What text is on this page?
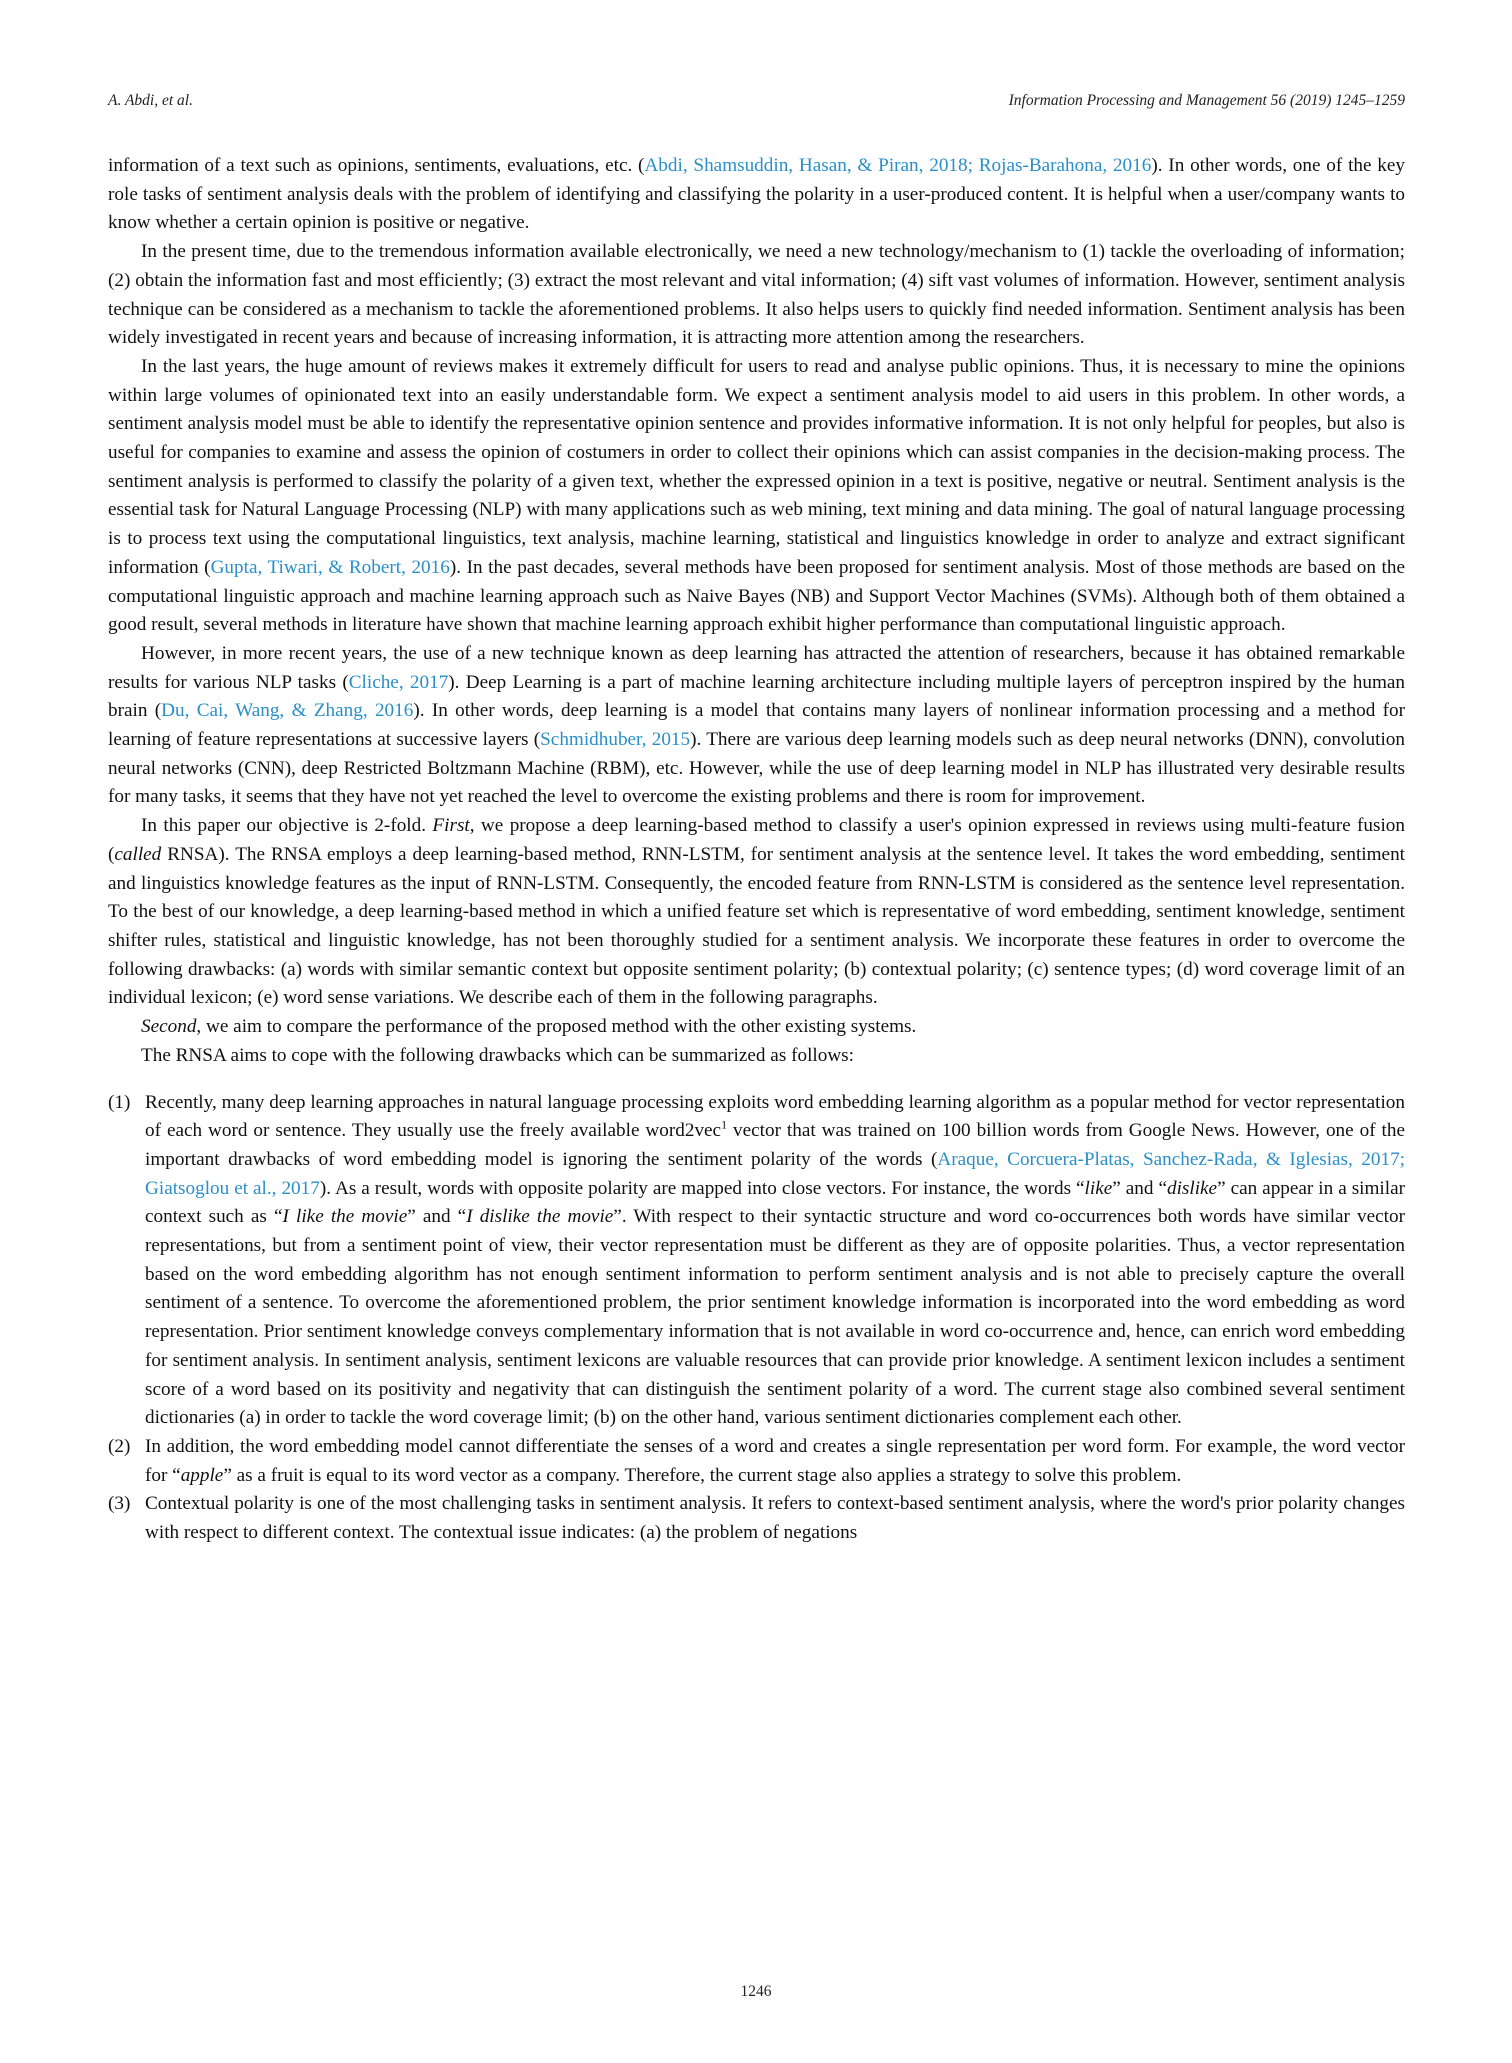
A. Abdi, et al.	Information Processing and Management 56 (2019) 1245–1259

information of a text such as opinions, sentiments, evaluations, etc. (Abdi, Shamsuddin, Hasan, & Piran, 2018; Rojas-Barahona, 2016). In other words, one of the key role tasks of sentiment analysis deals with the problem of identifying and classifying the polarity in a user-produced content. It is helpful when a user/company wants to know whether a certain opinion is positive or negative.

In the present time, due to the tremendous information available electronically, we need a new technology/mechanism to (1) tackle the overloading of information; (2) obtain the information fast and most efficiently; (3) extract the most relevant and vital information; (4) sift vast volumes of information. However, sentiment analysis technique can be considered as a mechanism to tackle the aforementioned problems. It also helps users to quickly find needed information. Sentiment analysis has been widely investigated in recent years and because of increasing information, it is attracting more attention among the researchers.

In the last years, the huge amount of reviews makes it extremely difficult for users to read and analyse public opinions. Thus, it is necessary to mine the opinions within large volumes of opinionated text into an easily understandable form. We expect a sentiment analysis model to aid users in this problem. In other words, a sentiment analysis model must be able to identify the representative opinion sentence and provides informative information. It is not only helpful for peoples, but also is useful for companies to examine and assess the opinion of costumers in order to collect their opinions which can assist companies in the decision-making process. The sentiment analysis is performed to classify the polarity of a given text, whether the expressed opinion in a text is positive, negative or neutral. Sentiment analysis is the essential task for Natural Language Processing (NLP) with many applications such as web mining, text mining and data mining. The goal of natural language processing is to process text using the computational linguistics, text analysis, machine learning, statistical and linguistics knowledge in order to analyze and extract significant information (Gupta, Tiwari, & Robert, 2016). In the past decades, several methods have been proposed for sentiment analysis. Most of those methods are based on the computational linguistic approach and machine learning approach such as Naive Bayes (NB) and Support Vector Machines (SVMs). Although both of them obtained a good result, several methods in literature have shown that machine learning approach exhibit higher performance than computational linguistic approach.

However, in more recent years, the use of a new technique known as deep learning has attracted the attention of researchers, because it has obtained remarkable results for various NLP tasks (Cliche, 2017). Deep Learning is a part of machine learning architecture including multiple layers of perceptron inspired by the human brain (Du, Cai, Wang, & Zhang, 2016). In other words, deep learning is a model that contains many layers of nonlinear information processing and a method for learning of feature representations at successive layers (Schmidhuber, 2015). There are various deep learning models such as deep neural networks (DNN), convolution neural networks (CNN), deep Restricted Boltzmann Machine (RBM), etc. However, while the use of deep learning model in NLP has illustrated very desirable results for many tasks, it seems that they have not yet reached the level to overcome the existing problems and there is room for improvement.

In this paper our objective is 2-fold. First, we propose a deep learning-based method to classify a user's opinion expressed in reviews using multi-feature fusion (called RNSA). The RNSA employs a deep learning-based method, RNN-LSTM, for sentiment analysis at the sentence level. It takes the word embedding, sentiment and linguistics knowledge features as the input of RNN-LSTM. Consequently, the encoded feature from RNN-LSTM is considered as the sentence level representation. To the best of our knowledge, a deep learning-based method in which a unified feature set which is representative of word embedding, sentiment knowledge, sentiment shifter rules, statistical and linguistic knowledge, has not been thoroughly studied for a sentiment analysis. We incorporate these features in order to overcome the following drawbacks: (a) words with similar semantic context but opposite sentiment polarity; (b) contextual polarity; (c) sentence types; (d) word coverage limit of an individual lexicon; (e) word sense variations. We describe each of them in the following paragraphs.

Second, we aim to compare the performance of the proposed method with the other existing systems.

The RNSA aims to cope with the following drawbacks which can be summarized as follows:

(1) Recently, many deep learning approaches in natural language processing exploits word embedding learning algorithm as a popular method for vector representation of each word or sentence. They usually use the freely available word2vec$^1$ vector that was trained on 100 billion words from Google News. However, one of the important drawbacks of word embedding model is ignoring the sentiment polarity of the words (Araque, Corcuera-Platas, Sanchez-Rada, & Iglesias, 2017; Giatsoglou et al., 2017). As a result, words with opposite polarity are mapped into close vectors. For instance, the words “like” and “dislike” can appear in a similar context such as “I like the movie” and “I dislike the movie”. With respect to their syntactic structure and word co-occurrences both words have similar vector representations, but from a sentiment point of view, their vector representation must be different as they are of opposite polarities. Thus, a vector representation based on the word embedding algorithm has not enough sentiment information to perform sentiment analysis and is not able to precisely capture the overall sentiment of a sentence. To overcome the aforementioned problem, the prior sentiment knowledge information is incorporated into the word embedding as word representation. Prior sentiment knowledge conveys complementary information that is not available in word co-occurrence and, hence, can enrich word embedding for sentiment analysis. In sentiment analysis, sentiment lexicons are valuable resources that can provide prior knowledge. A sentiment lexicon includes a sentiment score of a word based on its positivity and negativity that can distinguish the sentiment polarity of a word. The current stage also combined several sentiment dictionaries (a) in order to tackle the word coverage limit; (b) on the other hand, various sentiment dictionaries complement each other.
(2) In addition, the word embedding model cannot differentiate the senses of a word and creates a single representation per word form. For example, the word vector for “apple” as a fruit is equal to its word vector as a company. Therefore, the current stage also applies a strategy to solve this problem.
(3) Contextual polarity is one of the most challenging tasks in sentiment analysis. It refers to context-based sentiment analysis, where the word's prior polarity changes with respect to different context. The contextual issue indicates: (a) the problem of negations
1246
